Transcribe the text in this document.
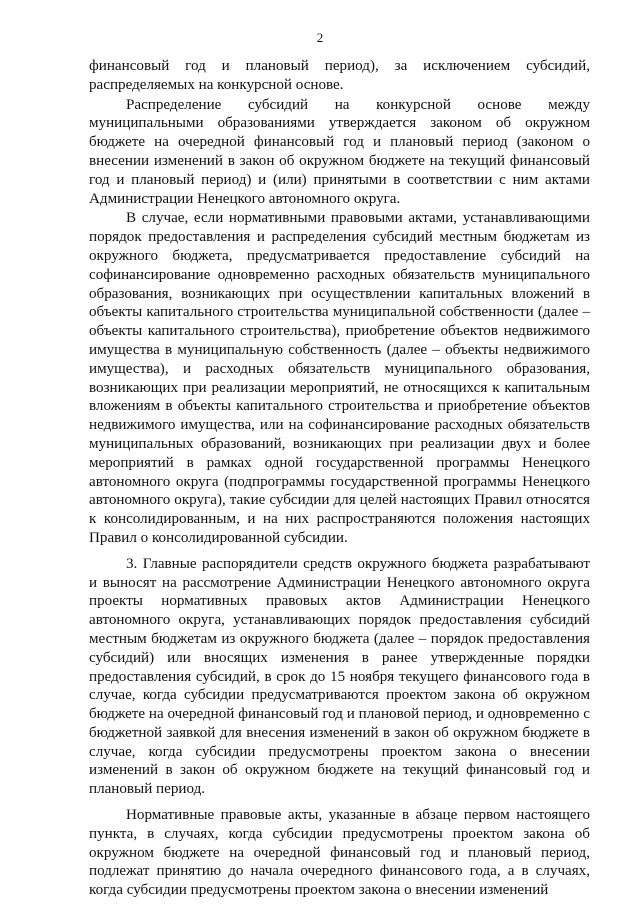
2

финансовый год и плановый период), за исключением субсидий, распределяемых на конкурсной основе.

Распределение субсидий на конкурсной основе между муниципальными образованиями утверждается законом об окружном бюджете на очередной финансовый год и плановый период (законом о внесении изменений в закон об окружном бюджете на текущий финансовый год и плановый период) и (или) принятыми в соответствии с ним актами Администрации Ненецкого автономного округа.

В случае, если нормативными правовыми актами, устанавливающими порядок предоставления и распределения субсидий местным бюджетам из окружного бюджета, предусматривается предоставление субсидий на софинансирование одновременно расходных обязательств муниципального образования, возникающих при осуществлении капитальных вложений в объекты капитального строительства муниципальной собственности (далее – объекты капитального строительства), приобретение объектов недвижимого имущества в муниципальную собственность (далее – объекты недвижимого имущества), и расходных обязательств муниципального образования, возникающих при реализации мероприятий, не относящихся к капитальным вложениям в объекты капитального строительства и приобретение объектов недвижимого имущества, или на софинансирование расходных обязательств муниципальных образований, возникающих при реализации двух и более мероприятий в рамках одной государственной программы Ненецкого автономного округа (подпрограммы государственной программы Ненецкого автономного округа), такие субсидии для целей настоящих Правил относятся к консолидированным, и на них распространяются положения настоящих Правил о консолидированной субсидии.

3. Главные распорядители средств окружного бюджета разрабатывают и выносят на рассмотрение Администрации Ненецкого автономного округа проекты нормативных правовых актов Администрации Ненецкого автономного округа, устанавливающих порядок предоставления субсидий местным бюджетам из окружного бюджета (далее – порядок предоставления субсидий) или вносящих изменения в ранее утвержденные порядки предоставления субсидий, в срок до 15 ноября текущего финансового года в случае, когда субсидии предусматриваются проектом закона об окружном бюджете на очередной финансовый год и плановой период, и одновременно с бюджетной заявкой для внесения изменений в закон об окружном бюджете в случае, когда субсидии предусмотрены проектом закона о внесении изменений в закон об окружном бюджете на текущий финансовый год и плановый период.

Нормативные правовые акты, указанные в абзаце первом настоящего пункта, в случаях, когда субсидии предусмотрены проектом закона об окружном бюджете на очередной финансовый год и плановый период, подлежат принятию до начала очередного финансового года, а в случаях, когда субсидии предусмотрены проектом закона о внесении изменений
